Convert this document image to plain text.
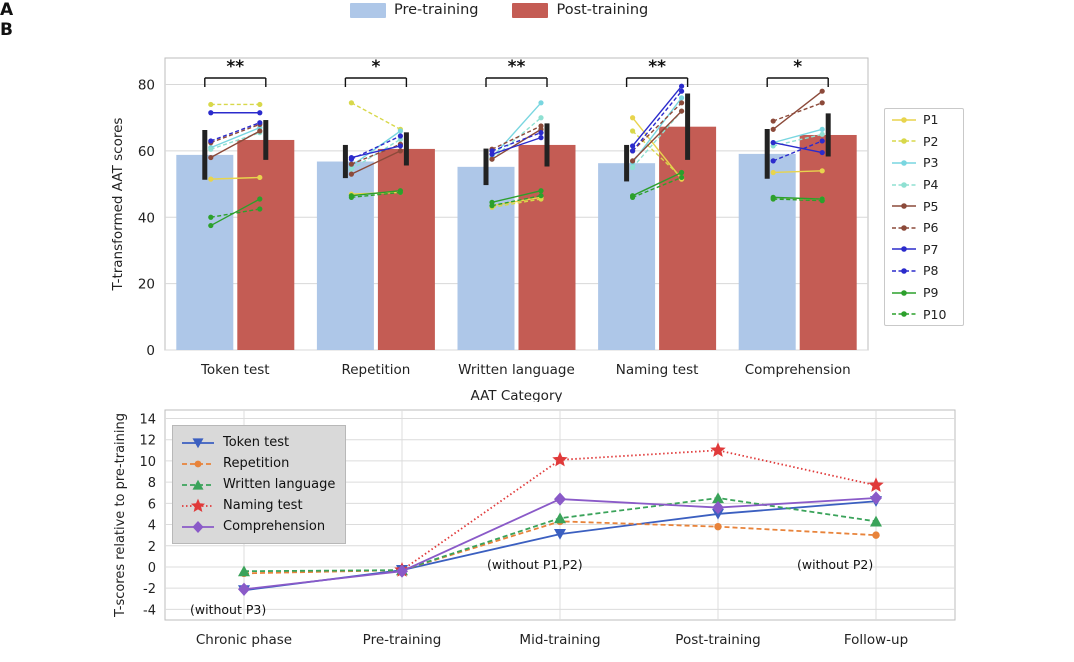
A	Pre-training	Post-training
0
20
40
60
80
**
Token test
*
Repetition
**
Written language
**
Naming test
*
Comprehension
AAT Category
T-transformed AAT scores	P1
P2
P3
P4
P5
P6
P7
P8
P9
P10
B
-4
-2
0
2
4
6
8
10
12
14
Chronic phase	Pre-training	Mid-training	Post-training	Follow-up
T-scores relative to pre-training	Token test
Repetition
Written language
Naming test
Comprehension
(without P3)
(without P1,P2)	(without P2)
